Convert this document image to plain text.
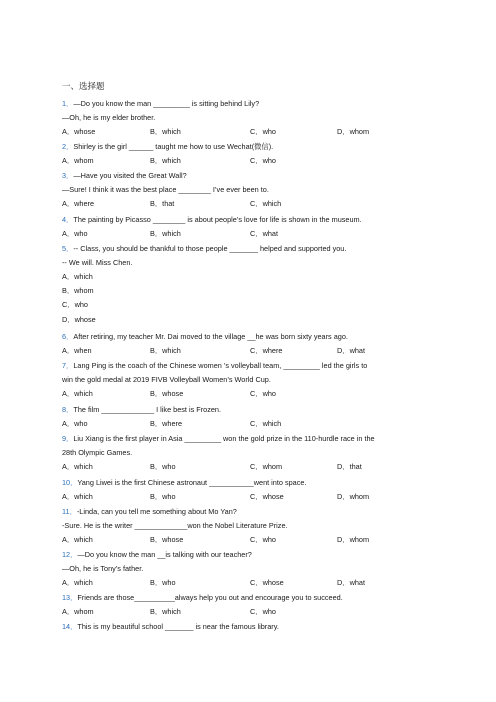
一、选择题
1．—Do you know the man _________ is sitting behind Lily?
—Oh, he is my elder brother.
A．whose	B．which	C．who	D．whom
2．Shirley is the girl ______ taught me how to use Wechat(微信).
A．whom	B．which	C．who
3．—Have you visited the Great Wall?
—Sure! I think it was the best place ________ I’ve ever been to.
A．where	B．that	C．which
4．The painting by Picasso ________ is about people’s love for life is shown in the museum.
A．who	B．which	C．what
5．-- Class, you should be thankful to those people _______ helped and supported you.
-- We will. Miss Chen.
A．which
B．whom
C．who
D．whose
6．After retiring, my teacher Mr. Dai moved to the village __he was born sixty years ago.
A．when	B．which	C．where	D．what
7．Lang Ping is the coach of the Chinese women ’s volleyball team, _________ led the girls to
win the gold medal at 2019 FIVB Volleyball Women’s World Cup.
A．which	B．whose	C．who
8．The film _____________ I like best is Frozen.
A．who	B．where	C．which
9．Liu Xiang is the first player in Asia _________ won the gold prize in the 110-hurdle race in the
28th Olympic Games.
A．which	B．who	C．whom	D．that
10．Yang Liwei is the first Chinese astronaut ___________went into space.
A．which	B．who	C．whose	D．whom
11．-Linda, can you tell me something about Mo Yan?
-Sure. He is the writer _____________won the Nobel Literature Prize.
A．which	B．whose	C．who	D．whom
12．—Do you know the man __is talking with our teacher?
—Oh, he is Tony’s father.
A．which	B．who	C．whose	D．what
13．Friends are those__________always help you out and encourage you to succeed.
A．whom	B．which	C．who
14．This is my beautiful school _______ is near the famous library.
